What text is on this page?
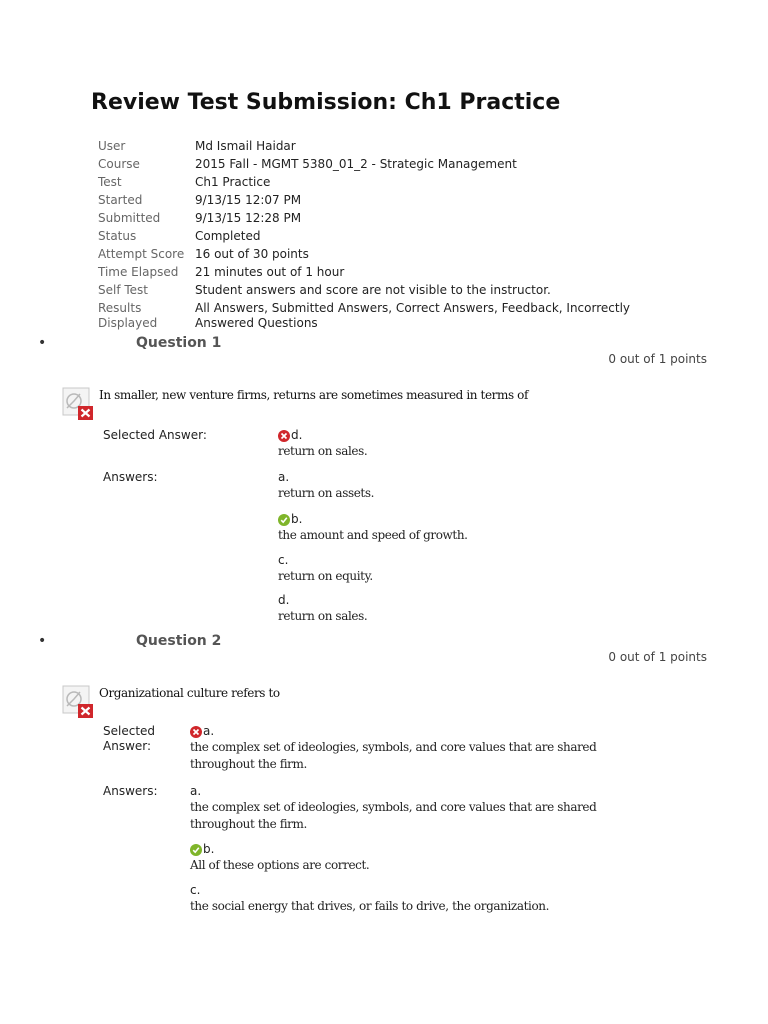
Review Test Submission: Ch1 Practice
User	Md Ismail Haidar
Course	2015 Fall - MGMT 5380_01_2 - Strategic Management
Test	Ch1 Practice
Started	9/13/15 12:07 PM
Submitted	9/13/15 12:28 PM
Status	Completed
Attempt Score 16 out of 30 points
Time Elapsed	21 minutes out of 1 hour
Self Test	Student answers and score are not visible to the instructor.
Results Displayed
All Answers, Submitted Answers, Correct Answers, Feedback, Incorrectly Answered Questions
•	Question 1
0 out of 1 points
In smaller, new venture firms, returns are sometimes measured in terms of
Selected Answer:	d.
return on sales.
Answers:	a.
return on assets.
b.
the amount and speed of growth.
c.
return on equity.
d.
return on sales.
•	Question 2
0 out of 1 points
Organizational culture refers to
Selected Answer:
a.
the complex set of ideologies, symbols, and core values that are shared throughout the firm.
Answers:	a.
the complex set of ideologies, symbols, and core values that are shared throughout the firm.
b.
All of these options are correct.
c.
the social energy that drives, or fails to drive, the organization.
